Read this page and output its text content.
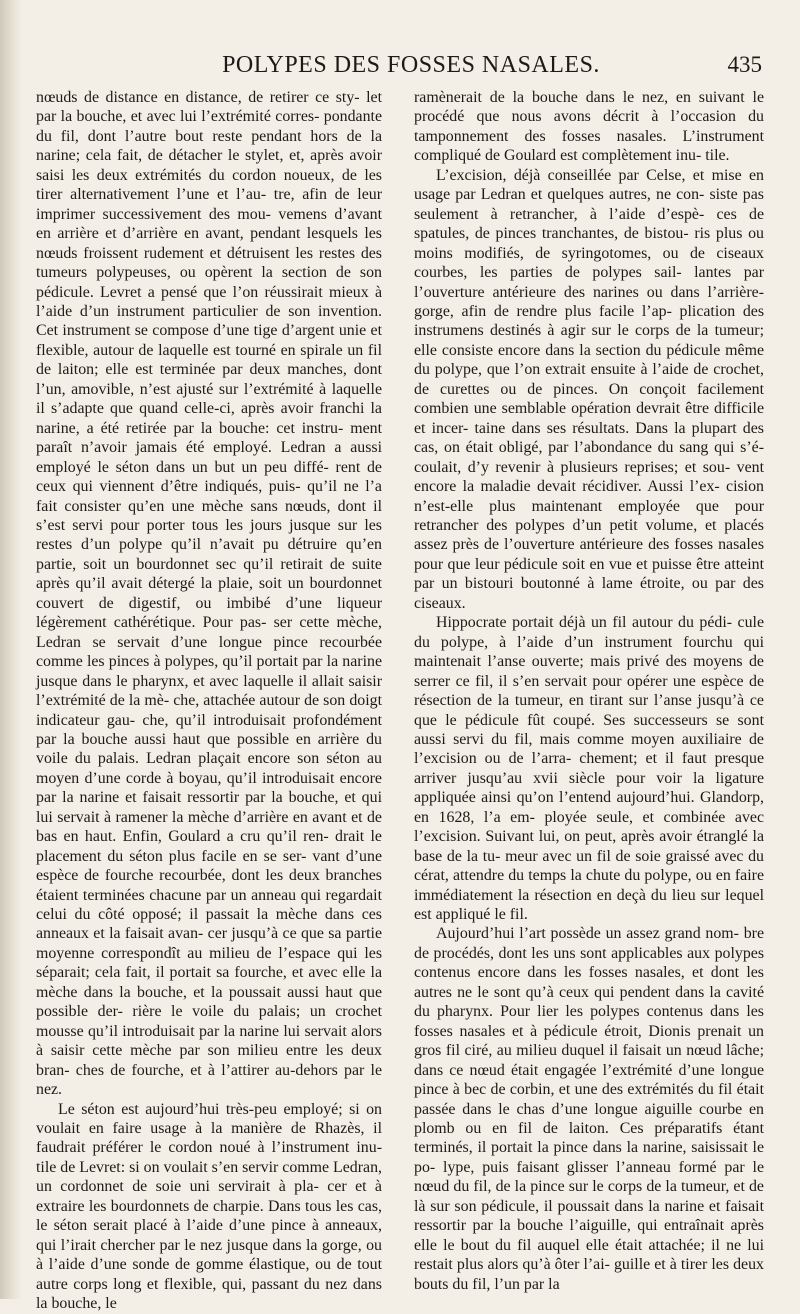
POLYPES DES FOSSES NASALES.	435

nœuds de distance en distance, de retirer ce sty- let par la bouche, et avec lui l’extrémité corres- pondante du fil, dont l’autre bout reste pendant hors de la narine; cela fait, de détacher le stylet, et, après avoir saisi les deux extrémités du cordon noueux, de les tirer alternativement l’une et l’au- tre, afin de leur imprimer successivement des mou- vemens d’avant en arrière et d’arrière en avant, pendant lesquels les nœuds froissent rudement et détruisent les restes des tumeurs polypeuses, ou opèrent la section de son pédicule. Levret a pensé que l’on réussirait mieux à l’aide d’un instrument particulier de son invention. Cet instrument se compose d’une tige d’argent unie et flexible, autour de laquelle est tourné en spirale un fil de laiton; elle est terminée par deux manches, dont l’un, amovible, n’est ajusté sur l’extrémité à laquelle il s’adapte que quand celle-ci, après avoir franchi la narine, a été retirée par la bouche: cet instru- ment paraît n’avoir jamais été employé. Ledran a aussi employé le séton dans un but un peu diffé- rent de ceux qui viennent d’être indiqués, puis- qu’il ne l’a fait consister qu’en une mèche sans nœuds, dont il s’est servi pour porter tous les jours jusque sur les restes d’un polype qu’il n’avait pu détruire qu’en partie, soit un bourdonnet sec qu’il retirait de suite après qu’il avait détergé la plaie, soit un bourdonnet couvert de digestif, ou imbibé d’une liqueur légèrement cathérétique. Pour pas- ser cette mèche, Ledran se servait d’une longue pince recourbée comme les pinces à polypes, qu’il portait par la narine jusque dans le pharynx, et avec laquelle il allait saisir l’extrémité de la mè- che, attachée autour de son doigt indicateur gau- che, qu’il introduisait profondément par la bouche aussi haut que possible en arrière du voile du palais. Ledran plaçait encore son séton au moyen d’une corde à boyau, qu’il introduisait encore par la narine et faisait ressortir par la bouche, et qui lui servait à ramener la mèche d’arrière en avant et de bas en haut. Enfin, Goulard a cru qu’il ren- drait le placement du séton plus facile en se ser- vant d’une espèce de fourche recourbée, dont les deux branches étaient terminées chacune par un anneau qui regardait celui du côté opposé; il passait la mèche dans ces anneaux et la faisait avan- cer jusqu’à ce que sa partie moyenne correspondît au milieu de l’espace qui les séparait; cela fait, il portait sa fourche, et avec elle la mèche dans la bouche, et la poussait aussi haut que possible der- rière le voile du palais; un crochet mousse qu’il introduisait par la narine lui servait alors à saisir cette mèche par son milieu entre les deux bran- ches de fourche, et à l’attirer au-dehors par le nez.

Le séton est aujourd’hui très-peu employé; si on voulait en faire usage à la manière de Rhazès, il faudrait préférer le cordon noué à l’instrument inu- tile de Levret: si on voulait s’en servir comme Ledran, un cordonnet de soie uni servirait à pla- cer et à extraire les bourdonnets de charpie. Dans tous les cas, le séton serait placé à l’aide d’une pince à anneaux, qui l’irait chercher par le nez jusque dans la gorge, ou à l’aide d’une sonde de gomme élastique, ou de tout autre corps long et flexible, qui, passant du nez dans la bouche, le

ramènerait de la bouche dans le nez, en suivant le procédé que nous avons décrit à l’occasion du tamponnement des fosses nasales. L’instrument compliqué de Goulard est complètement inu- tile.

L’excision, déjà conseillée par Celse, et mise en usage par Ledran et quelques autres, ne con- siste pas seulement à retrancher, à l’aide d’espè- ces de spatules, de pinces tranchantes, de bistou- ris plus ou moins modifiés, de syringotomes, ou de ciseaux courbes, les parties de polypes sail- lantes par l’ouverture antérieure des narines ou dans l’arrière-gorge, afin de rendre plus facile l’ap- plication des instrumens destinés à agir sur le corps de la tumeur; elle consiste encore dans la section du pédicule même du polype, que l’on extrait ensuite à l’aide de crochet, de curettes ou de pinces. On conçoit facilement combien une semblable opération devrait être difficile et incer- taine dans ses résultats. Dans la plupart des cas, on était obligé, par l’abondance du sang qui s’é- coulait, d’y revenir à plusieurs reprises; et sou- vent encore la maladie devait récidiver. Aussi l’ex- cision n’est-elle plus maintenant employée que pour retrancher des polypes d’un petit volume, et placés assez près de l’ouverture antérieure des fosses nasales pour que leur pédicule soit en vue et puisse être atteint par un bistouri boutonné à lame étroite, ou par des ciseaux.

Hippocrate portait déjà un fil autour du pédi- cule du polype, à l’aide d’un instrument fourchu qui maintenait l’anse ouverte; mais privé des moyens de serrer ce fil, il s’en servait pour opérer une espèce de résection de la tumeur, en tirant sur l’anse jusqu’à ce que le pédicule fût coupé. Ses successeurs se sont aussi servi du fil, mais comme moyen auxiliaire de l’excision ou de l’arra- chement; et il faut presque arriver jusqu’au xvii siècle pour voir la ligature appliquée ainsi qu’on l’entend aujourd’hui. Glandorp, en 1628, l’a em- ployée seule, et combinée avec l’excision. Suivant lui, on peut, après avoir étranglé la base de la tu- meur avec un fil de soie graissé avec du cérat, attendre du temps la chute du polype, ou en faire immédiatement la résection en deçà du lieu sur lequel est appliqué le fil.

Aujourd’hui l’art possède un assez grand nom- bre de procédés, dont les uns sont applicables aux polypes contenus encore dans les fosses nasales, et dont les autres ne le sont qu’à ceux qui pendent dans la cavité du pharynx. Pour lier les polypes contenus dans les fosses nasales et à pédicule étroit, Dionis prenait un gros fil ciré, au milieu duquel il faisait un nœud lâche; dans ce nœud était engagée l’extrémité d’une longue pince à bec de corbin, et une des extrémités du fil était passée dans le chas d’une longue aiguille courbe en plomb ou en fil de laiton. Ces préparatifs étant terminés, il portait la pince dans la narine, saisissait le po- lype, puis faisant glisser l’anneau formé par le nœud du fil, de la pince sur le corps de la tumeur, et de là sur son pédicule, il poussait dans la narine et faisait ressortir par la bouche l’aiguille, qui entraînait après elle le bout du fil auquel elle était attachée; il ne lui restait plus alors qu’à ôter l’ai- guille et à tirer les deux bouts du fil, l’un par la
